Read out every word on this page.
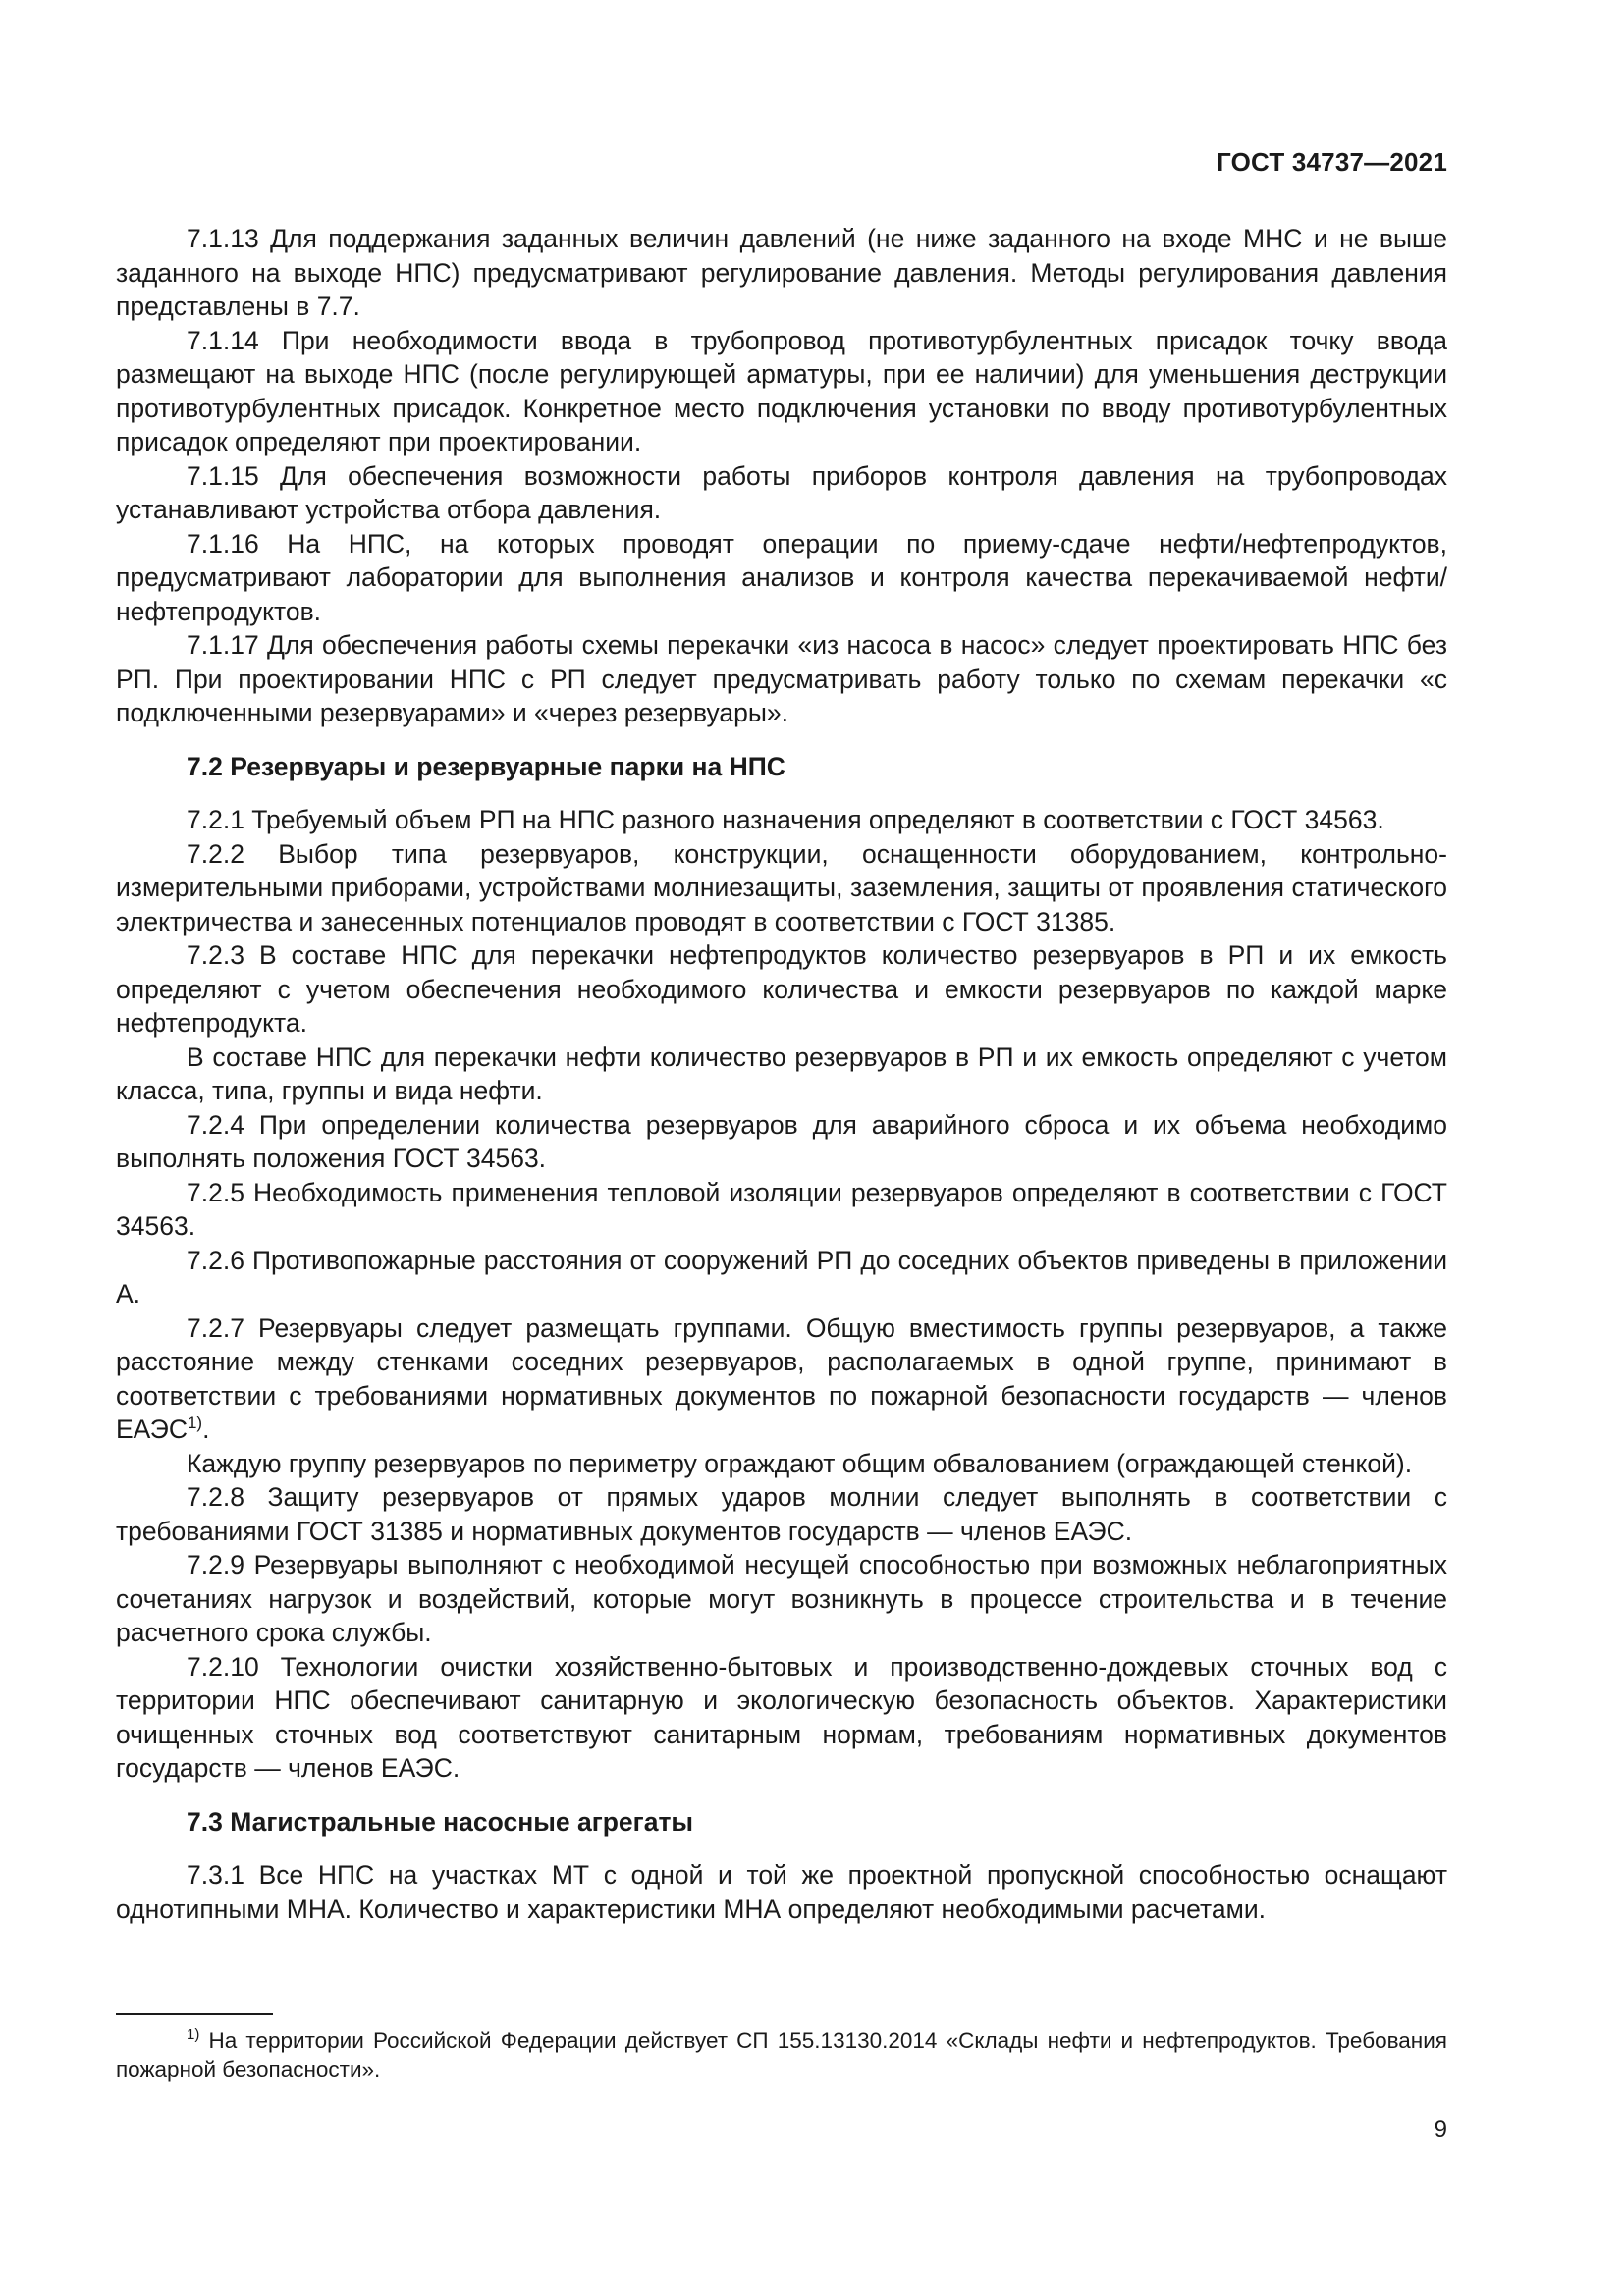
ГОСТ 34737—2021

7.1.13 Для поддержания заданных величин давлений (не ниже заданного на входе МНС и не выше заданного на выходе НПС) предусматривают регулирование давления. Методы регулирования давления представлены в 7.7.

7.1.14 При необходимости ввода в трубопровод противотурбулентных присадок точку ввода размещают на выходе НПС (после регулирующей арматуры, при ее наличии) для уменьшения деструкции противотурбулентных присадок. Конкретное место подключения установки по вводу противотурбулентных присадок определяют при проектировании.

7.1.15 Для обеспечения возможности работы приборов контроля давления на трубопроводах устанавливают устройства отбора давления.

7.1.16 На НПС, на которых проводят операции по приему-сдаче нефти/нефтепродуктов, предусматривают лаборатории для выполнения анализов и контроля качества перекачиваемой нефти/нефтепродуктов.

7.1.17 Для обеспечения работы схемы перекачки «из насоса в насос» следует проектировать НПС без РП. При проектировании НПС с РП следует предусматривать работу только по схемам перекачки «с подключенными резервуарами» и «через резервуары».

7.2 Резервуары и резервуарные парки на НПС

7.2.1 Требуемый объем РП на НПС разного назначения определяют в соответствии с ГОСТ 34563.

7.2.2 Выбор типа резервуаров, конструкции, оснащенности оборудованием, контрольно-измерительными приборами, устройствами молниезащиты, заземления, защиты от проявления статического электричества и занесенных потенциалов проводят в соответствии с ГОСТ 31385.

7.2.3 В составе НПС для перекачки нефтепродуктов количество резервуаров в РП и их емкость определяют с учетом обеспечения необходимого количества и емкости резервуаров по каждой марке нефтепродукта.

В составе НПС для перекачки нефти количество резервуаров в РП и их емкость определяют с учетом класса, типа, группы и вида нефти.

7.2.4 При определении количества резервуаров для аварийного сброса и их объема необходимо выполнять положения ГОСТ 34563.

7.2.5 Необходимость применения тепловой изоляции резервуаров определяют в соответствии с ГОСТ 34563.

7.2.6 Противопожарные расстояния от сооружений РП до соседних объектов приведены в приложении А.

7.2.7 Резервуары следует размещать группами. Общую вместимость группы резервуаров, а также расстояние между стенками соседних резервуаров, располагаемых в одной группе, принимают в соответствии с требованиями нормативных документов по пожарной безопасности государств — членов ЕАЭС$^{1)}$.

Каждую группу резервуаров по периметру ограждают общим обвалованием (ограждающей стенкой).

7.2.8 Защиту резервуаров от прямых ударов молнии следует выполнять в соответствии с требованиями ГОСТ 31385 и нормативных документов государств — членов ЕАЭС.

7.2.9 Резервуары выполняют с необходимой несущей способностью при возможных неблагоприятных сочетаниях нагрузок и воздействий, которые могут возникнуть в процессе строительства и в течение расчетного срока службы.

7.2.10 Технологии очистки хозяйственно-бытовых и производственно-дождевых сточных вод с территории НПС обеспечивают санитарную и экологическую безопасность объектов. Характеристики очищенных сточных вод соответствуют санитарным нормам, требованиям нормативных документов государств — членов ЕАЭС.

7.3 Магистральные насосные агрегаты

7.3.1 Все НПС на участках МТ с одной и той же проектной пропускной способностью оснащают однотипными МНА. Количество и характеристики МНА определяют необходимыми расчетами.

$^{1)}$ На территории Российской Федерации действует СП 155.13130.2014 «Склады нефти и нефтепродуктов. Требования пожарной безопасности».
9
